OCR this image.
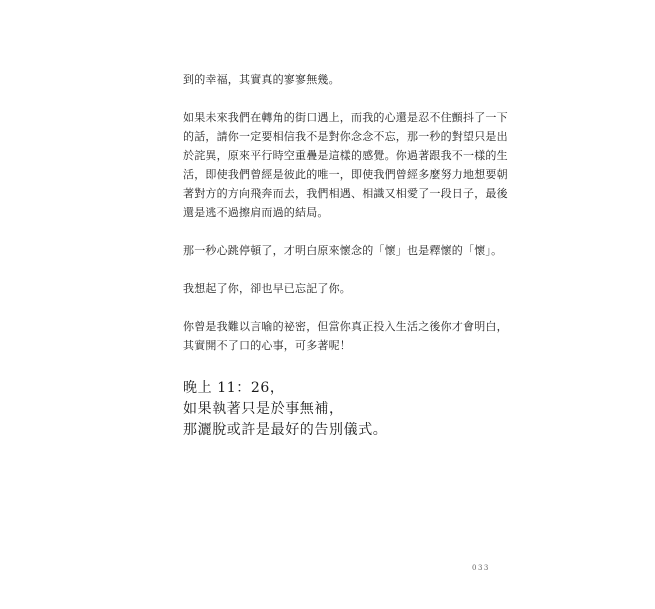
到的幸福，其實真的寥寥無幾。

如果未來我們在轉角的街口遇上，而我的心還是忍不住顫抖了一下的話，請你一定要相信我不是對你念念不忘，那一秒的對望只是出於詫異，原來平行時空重疊是這樣的感覺。你過著跟我不一樣的生活，即使我們曾經是彼此的唯一，即使我們曾經多麼努力地想要朝著對方的方向飛奔而去，我們相遇、相識又相愛了一段日子，最後還是逃不過擦肩而過的結局。

那一秒心跳停頓了，才明白原來懷念的「懷」也是釋懷的「懷」。

我想起了你，卻也早已忘記了你。

你曾是我難以言喻的祕密，但當你真正投入生活之後你才會明白，其實開不了口的心事，可多著呢！

晚上 11：26，
如果執著只是於事無補，
那灑脫或許是最好的告別儀式。
033
